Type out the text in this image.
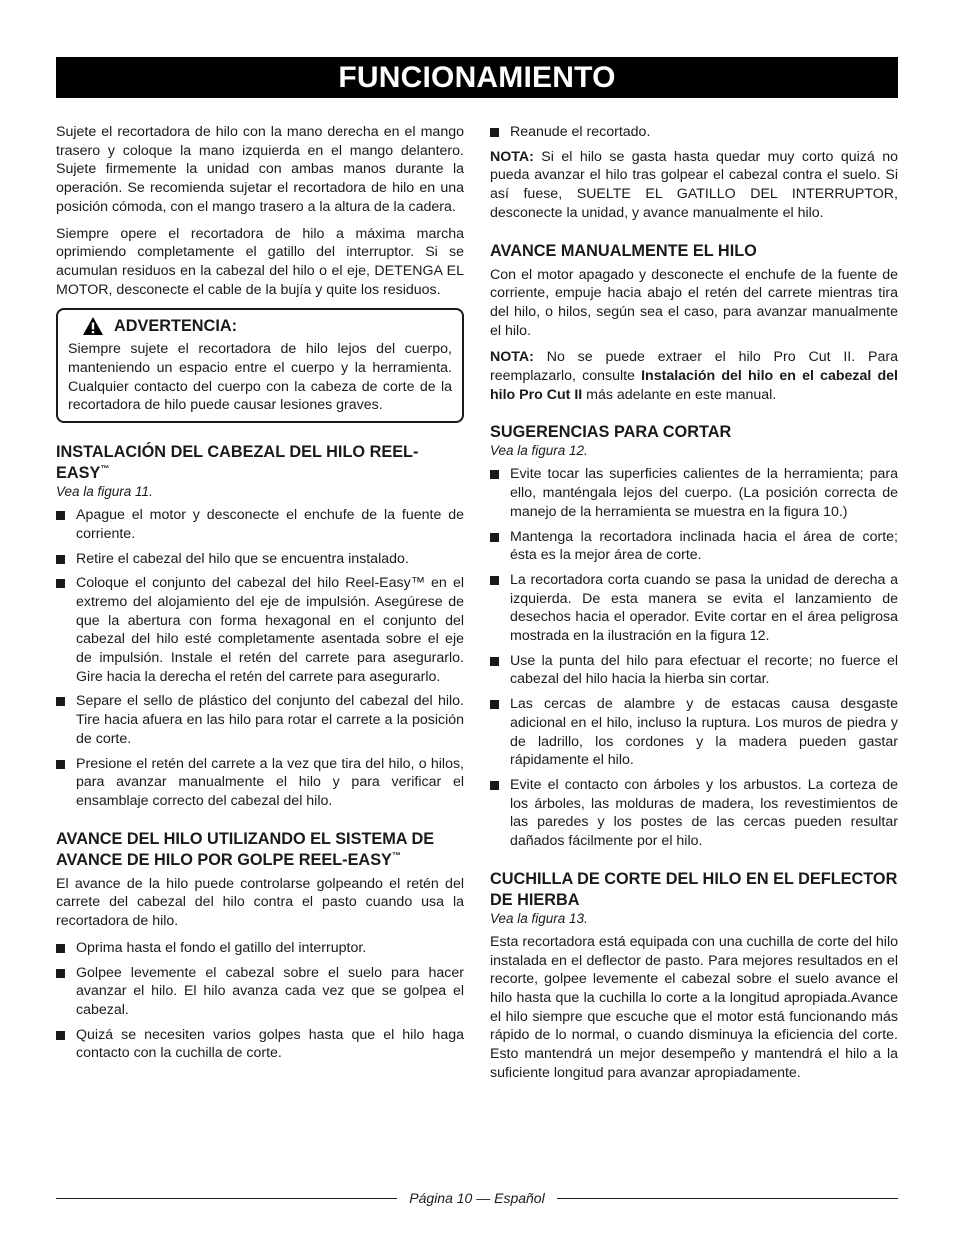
FUNCIONAMIENTO

Sujete el recortadora de hilo con la mano derecha en el mango trasero y coloque la mano izquierda en el mango delantero. Sujete firmemente la unidad con ambas manos durante la operación. Se recomienda sujetar el recortadora de hilo en una posición cómoda, con el mango trasero a la altura de la cadera.

Siempre opere el recortadora de hilo a máxima marcha oprimiendo completamente el gatillo del interruptor. Si se acumulan residuos en la cabezal del hilo o el eje, DETENGA EL MOTOR, desconecte el cable de la bujía y quite los residuos.

ADVERTENCIA:

Siempre sujete el recortadora de hilo lejos del cuerpo, manteniendo un espacio entre el cuerpo y la herramienta. Cualquier contacto del cuerpo con la cabeza de corte de la recortadora de hilo puede causar lesiones graves.

INSTALACIÓN DEL CABEZAL DEL HILO REEL-EASY™
Vea la figura 11.
Apague el motor y desconecte el enchufe de la fuente de corriente.
Retire el cabezal del hilo que se encuentra instalado.
Coloque el conjunto del cabezal del hilo Reel-Easy™ en el extremo del alojamiento del eje de impulsión. Asegúrese de que la abertura con forma hexagonal en el conjunto del cabezal del hilo esté completamente asentada sobre el eje de impulsión. Instale el retén del carrete para asegurarlo. Gire hacia la derecha el retén del carrete para asegurarlo.
Separe el sello de plástico del conjunto del cabezal del hilo. Tire hacia afuera en las hilo para rotar el carrete a la posición de corte.
Presione el retén del carrete a la vez que tira del hilo, o hilos, para avanzar manualmente el hilo y para verificar el ensamblaje correcto del cabezal del hilo.
AVANCE DEL HILO UTILIZANDO EL SISTEMA DE AVANCE DE HILO POR GOLPE REEL-EASY™

El avance de la hilo puede controlarse golpeando el retén del carrete del cabezal del hilo contra el pasto cuando usa la recortadora de hilo.

Oprima hasta el fondo el gatillo del interruptor.
Golpee levemente el cabezal sobre el suelo para hacer avanzar el hilo. El hilo avanza cada vez que se golpea el cabezal.
Quizá se necesiten varios golpes hasta que el hilo haga contacto con la cuchilla de corte.
Reanude el recortado.

NOTA: Si el hilo se gasta hasta quedar muy corto quizá no pueda avanzar el hilo tras golpear el cabezal contra el suelo. Si así fuese, SUELTE EL GATILLO DEL INTERRUPTOR, desconecte la unidad, y avance manualmente el hilo.

AVANCE MANUALMENTE EL HILO

Con el motor apagado y desconecte el enchufe de la fuente de corriente, empuje hacia abajo el retén del carrete mientras tira del hilo, o hilos, según sea el caso, para avanzar manualmente el hilo.

NOTA: No se puede extraer el hilo Pro Cut II. Para reemplazarlo, consulte Instalación del hilo en el cabezal del hilo Pro Cut II más adelante en este manual.

SUGERENCIAS PARA CORTAR
Vea la figura 12.
Evite tocar las superficies calientes de la herramienta; para ello, manténgala lejos del cuerpo. (La posición correcta de manejo de la herramienta se muestra en la figura 10.)
Mantenga la recortadora inclinada hacia el área de corte; ésta es la mejor área de corte.
La recortadora corta cuando se pasa la unidad de derecha a izquierda. De esta manera se evita el lanzamiento de desechos hacia el operador. Evite cortar en el área peligrosa mostrada en la ilustración en la figura 12.
Use la punta del hilo para efectuar el recorte; no fuerce el cabezal del hilo hacia la hierba sin cortar.
Las cercas de alambre y de estacas causa desgaste adicional en el hilo, incluso la ruptura. Los muros de piedra y de ladrillo, los cordones y la madera pueden gastar rápidamente el hilo.
Evite el contacto con árboles y los arbustos. La corteza de los árboles, las molduras de madera, los revestimientos de las paredes y los postes de las cercas pueden resultar dañados fácilmente por el hilo.
CUCHILLA DE CORTE DEL HILO EN EL DEFLECTOR DE HIERBA
Vea la figura 13.

Esta recortadora está equipada con una cuchilla de corte del hilo instalada en el deflector de pasto. Para mejores resultados en el recorte, golpee levemente el cabezal sobre el suelo avance el hilo hasta que la cuchilla lo corte a la longitud apropiada.Avance el hilo siempre que escuche que el motor está funcionando más rápido de lo normal, o cuando disminuya la eficiencia del corte. Esto mantendrá un mejor desempeño y mantendrá el hilo a la suficiente longitud para avanzar apropiadamente.

Página 10 — Español
